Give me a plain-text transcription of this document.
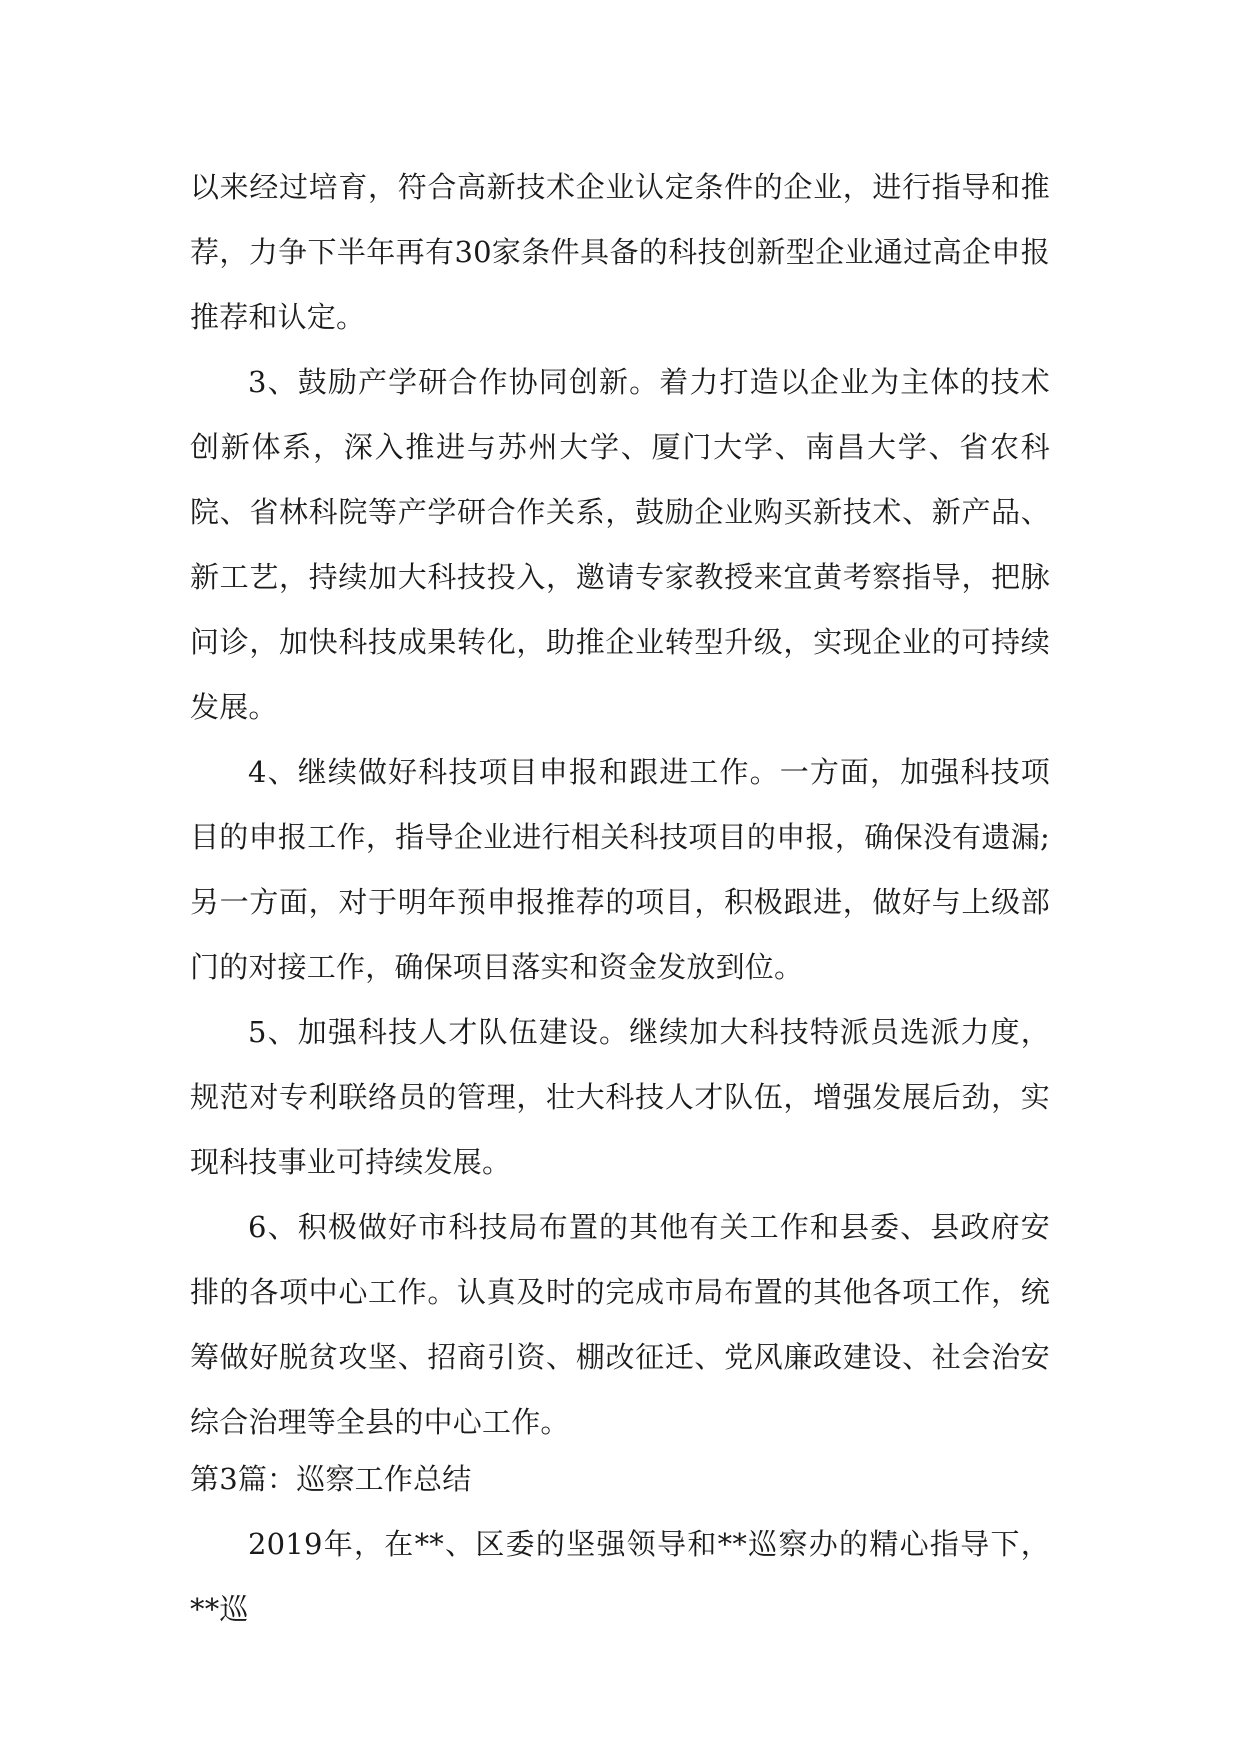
以来经过培育，符合高新技术企业认定条件的企业，进行指导和推荐，力争下半年再有30家条件具备的科技创新型企业通过高企申报推荐和认定。

3、鼓励产学研合作协同创新。着力打造以企业为主体的技术创新体系，深入推进与苏州大学、厦门大学、南昌大学、省农科院、省林科院等产学研合作关系，鼓励企业购买新技术、新产品、新工艺，持续加大科技投入，邀请专家教授来宜黄考察指导，把脉问诊，加快科技成果转化，助推企业转型升级，实现企业的可持续发展。

4、继续做好科技项目申报和跟进工作。一方面，加强科技项目的申报工作，指导企业进行相关科技项目的申报，确保没有遗漏;另一方面，对于明年预申报推荐的项目，积极跟进，做好与上级部门的对接工作，确保项目落实和资金发放到位。

5、加强科技人才队伍建设。继续加大科技特派员选派力度，规范对专利联络员的管理，壮大科技人才队伍，增强发展后劲，实现科技事业可持续发展。

6、积极做好市科技局布置的其他有关工作和县委、县政府安排的各项中心工作。认真及时的完成市局布置的其他各项工作，统筹做好脱贫攻坚、招商引资、棚改征迁、党风廉政建设、社会治安综合治理等全县的中心工作。

第3篇：巡察工作总结

2019年，在**、区委的坚强领导和**巡察办的精心指导下，**巡
